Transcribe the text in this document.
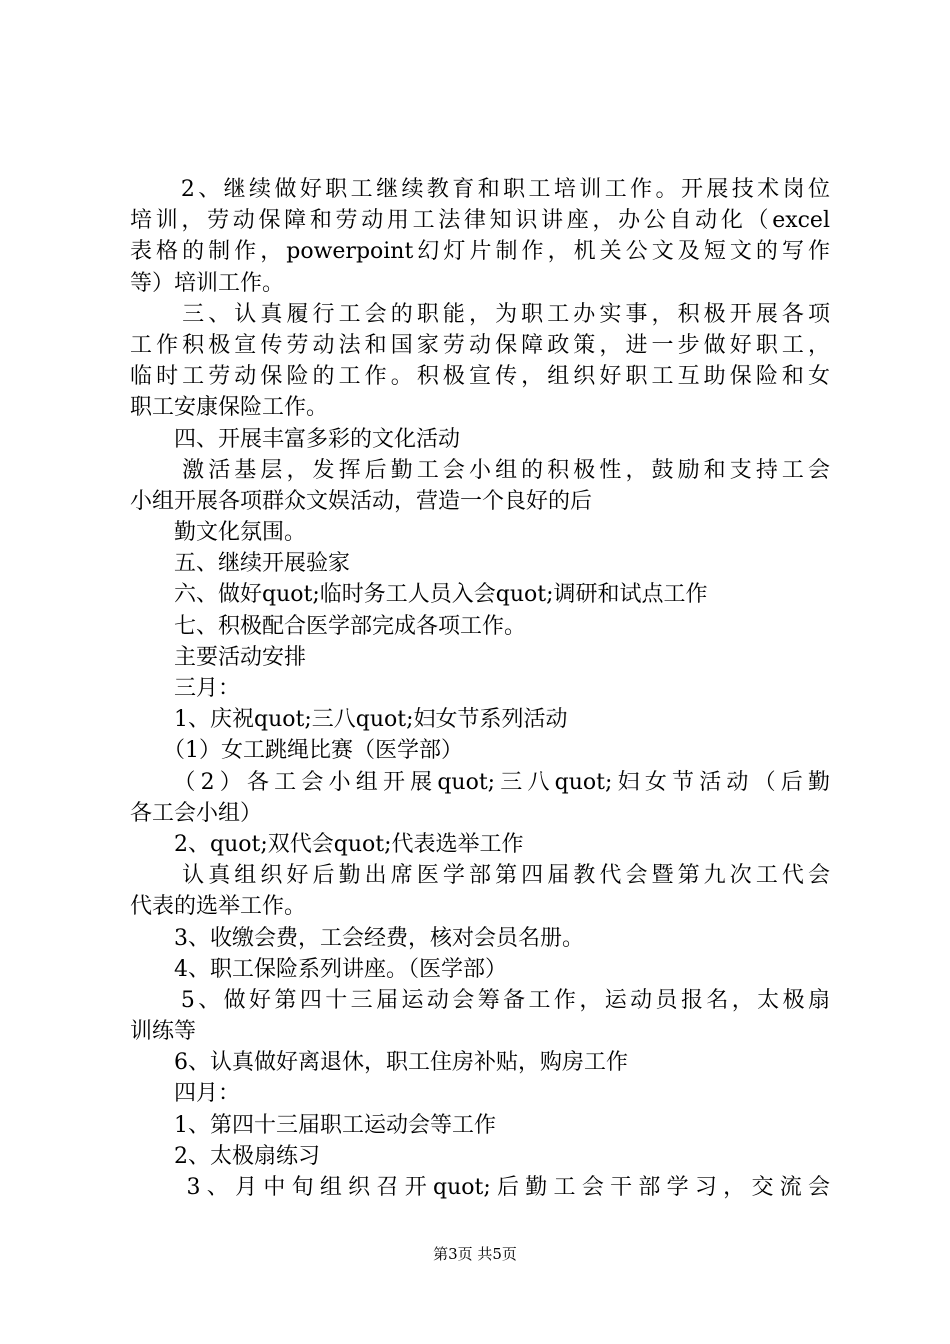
　　2、继续做好职工继续教育和职工培训工作。开展技术岗位
培训，劳动保障和劳动用工法律知识讲座，办公自动化（excel
表格的制作，powerpoint幻灯片制作，机关公文及短文的写作
等）培训工作。
　　三、认真履行工会的职能，为职工办实事，积极开展各项
工作积极宣传劳动法和国家劳动保障政策，进一步做好职工，
临时工劳动保险的工作。积极宣传，组织好职工互助保险和女
职工安康保险工作。
　　四、开展丰富多彩的文化活动
　　激活基层，发挥后勤工会小组的积极性，鼓励和支持工会
小组开展各项群众文娱活动，营造一个良好的后
　　勤文化氛围。
　　五、继续开展验家
　　六、做好quot;临时务工人员入会quot;调研和试点工作
　　七、积极配合医学部完成各项工作。
　　主要活动安排
　　三月：
　　1、庆祝quot;三八quot;妇女节系列活动
　　（1）女工跳绳比赛（医学部）
　　（2）各工会小组开展quot;三八quot;妇女节活动（后勤
各工会小组）
　　2、quot;双代会quot;代表选举工作
　　认真组织好后勤出席医学部第四届教代会暨第九次工代会
代表的选举工作。
　　3、收缴会费，工会经费，核对会员名册。
　　4、职工保险系列讲座。（医学部）
　　5、做好第四十三届运动会筹备工作，运动员报名，太极扇
训练等
　　6、认真做好离退休，职工住房补贴，购房工作
　　四月：
　　1、第四十三届职工运动会等工作
　　2、太极扇练习
　　3、月中旬组织召开quot;后勤工会干部学习，交流会
第3页 共5页
